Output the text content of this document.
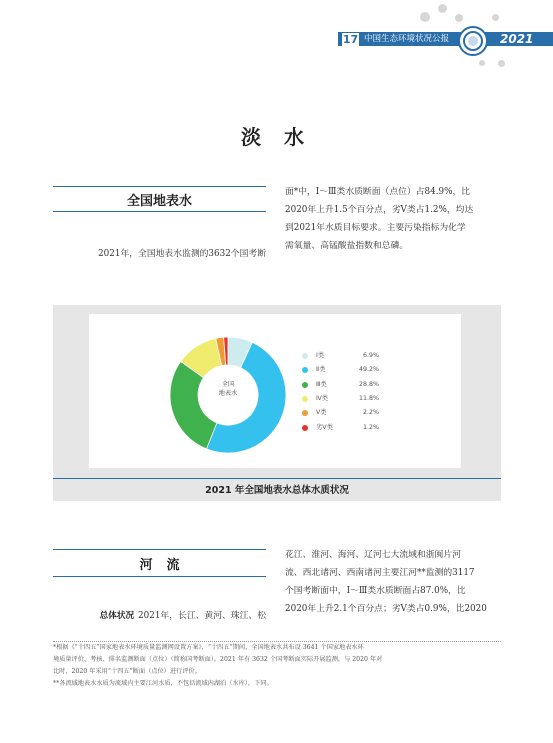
17 中国生态环境状况公报	2021
淡 水
全国地表水
2021年，全国地表水监测的3632个国考断
面*中，Ⅰ～Ⅲ类水质断面（点位）占84.9%，比
2020年上升1.5个百分点，劣Ⅴ类占1.2%，均达
到2021年水质目标要求。主要污染指标为化学
需氧量、高锰酸盐指数和总磷。
全国
地表水
Ⅰ类	6.9%
Ⅱ类	49.2%
Ⅲ类	28.8%
Ⅳ类	11.8%
Ⅴ类	2.2%
劣Ⅴ类	1.2%
2021 年全国地表水总体水质状况
河流
总体状况 2021年，长江、黄河、珠江、松
花江、淮河、海河、辽河七大流域和浙闽片河
流、西北诸河、西南诸河主要江河**监测的3117
个国考断面中，Ⅰ～Ⅲ类水质断面占87.0%，比
2020年上升2.1个百分点；劣Ⅴ类占0.9%，比2020
*根据《“十四五”国家地表水环境质量监测网设置方案》，“十四五”期间，全国地表水共布设 3641 个国家地表水环
境质量评价、考核、排名监测断面（点位）（简称国考断面）。2021 年有 3632 个国考断面实际开展监测。与 2020 年对
比时，2020 年采用“十四五”断面（点位）进行评价。
**各流域地表水水质为流域内主要江河水质，不包括流域内湖泊（水库），下同。
